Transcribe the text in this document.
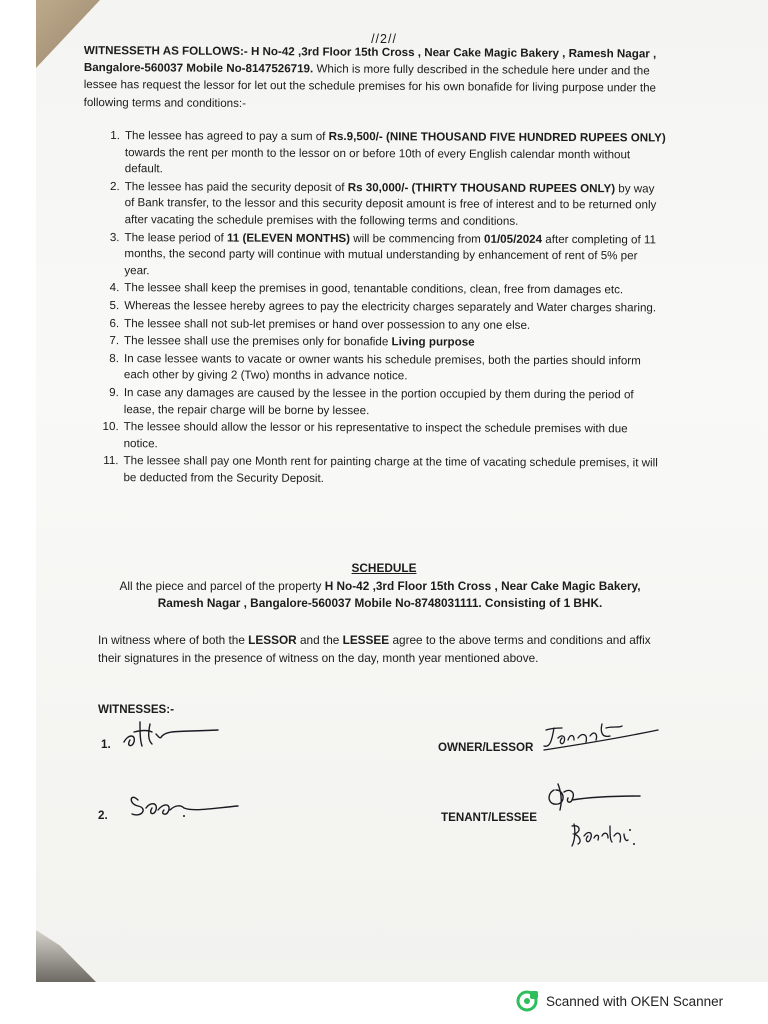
//2//
WITNESSETH AS FOLLOWS:- H No-42 ,3rd Floor 15th Cross , Near Cake Magic Bakery , Ramesh Nagar , Bangalore-560037 Mobile No-8147526719. Which is more fully described in the schedule here under and the lessee has request the lessor for let out the schedule premises for his own bonafide for living purpose under the following terms and conditions:-
1. The lessee has agreed to pay a sum of Rs.9,500/- (NINE THOUSAND FIVE HUNDRED RUPEES ONLY) towards the rent per month to the lessor on or before 10th of every English calendar month without default.
2. The lessee has paid the security deposit of Rs 30,000/- (THIRTY THOUSAND RUPEES ONLY) by way of Bank transfer, to the lessor and this security deposit amount is free of interest and to be returned only after vacating the schedule premises with the following terms and conditions.
3. The lease period of 11 (ELEVEN MONTHS) will be commencing from 01/05/2024 after completing of 11 months, the second party will continue with mutual understanding by enhancement of rent of 5% per year.
4. The lessee shall keep the premises in good, tenantable conditions, clean, free from damages etc.
5. Whereas the lessee hereby agrees to pay the electricity charges separately and Water charges sharing.
6. The lessee shall not sub-let premises or hand over possession to any one else.
7. The lessee shall use the premises only for bonafide Living purpose
8. In case lessee wants to vacate or owner wants his schedule premises, both the parties should inform each other by giving 2 (Two) months in advance notice.
9. In case any damages are caused by the lessee in the portion occupied by them during the period of lease, the repair charge will be borne by lessee.
10. The lessee should allow the lessor or his representative to inspect the schedule premises with due notice.
11. The lessee shall pay one Month rent for painting charge at the time of vacating schedule premises, it will be deducted from the Security Deposit.
SCHEDULE
All the piece and parcel of the property H No-42 ,3rd Floor 15th Cross , Near Cake Magic Bakery, Ramesh Nagar , Bangalore-560037 Mobile No-8748031111. Consisting of 1 BHK.
In witness where of both the LESSOR and the LESSEE agree to the above terms and conditions and affix their signatures in the presence of witness on the day, month year mentioned above.
WITNESSES:-
1.
2.
OWNER/LESSOR
TENANT/LESSEE
Scanned with OKEN Scanner
